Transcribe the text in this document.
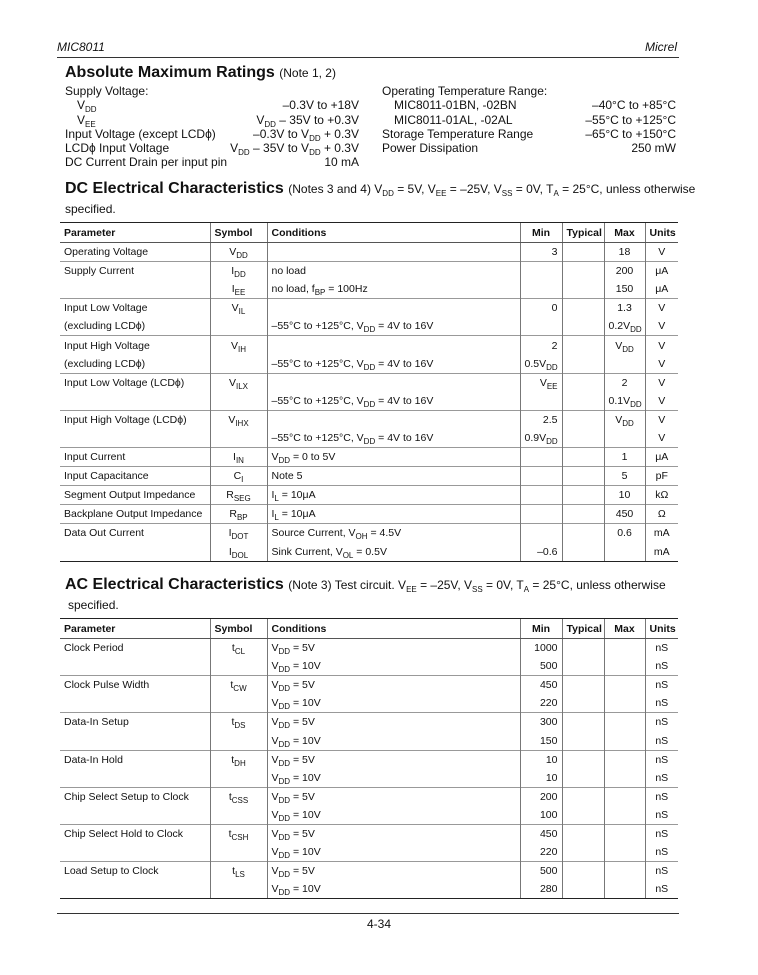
MIC8011	Micrel
Absolute Maximum Ratings (Note 1, 2)
Supply Voltage:
$V_{DD}$	–0.3V to +18V
$V_{EE}$	$V_{DD} - 35V$ to +0.3V
Input Voltage (except LCDϕ)	–0.3V to $V_{DD} + 0.3V$
LCDϕ Input Voltage	$V_{DD} - 35V$ to $V_{DD} + 0.3V$
DC Current Drain per input pin	10 mA
Operating Temperature Range:
MIC8011-01BN, -02BN	–40°C to +85°C
MIC8011-01AL, -02AL	–55°C to +125°C
Storage Temperature Range	–65°C to +150°C
Power Dissipation	250 mW
DC Electrical Characteristics (Notes 3 and 4) $V_{DD} = 5V$, $V_{EE} = -25V$, $V_{SS} = 0V$, $T_A = 25^\circ C$, unless otherwise
specified.
Parameter	Symbol	Conditions	Min	Typical	Max	Units
Operating Voltage	$V_{DD}$		3		18	V
Supply Current	$I_{DD}$	no load			200	μA
	$I_{EE}$	no load, $f_{BP} = 100Hz$			150	μA
Input Low Voltage	$V_{IL}$		0		1.3	V
(excluding LCDϕ)		–55°C to +125°C, $V_{DD} = 4V$ to 16V			$0.2V_{DD}$	V
Input High Voltage	$V_{IH}$		2		$V_{DD}$	V
(excluding LCDϕ)		–55°C to +125°C, $V_{DD} = 4V$ to 16V	$0.5V_{DD}$			V
Input Low Voltage (LCDϕ)	$V_{ILX}$		$V_{EE}$		2	V
		–55°C to +125°C, $V_{DD} = 4V$ to 16V			$0.1V_{DD}$	V
Input High Voltage (LCDϕ)	$V_{IHX}$		2.5		$V_{DD}$	V
		–55°C to +125°C, $V_{DD} = 4V$ to 16V	$0.9V_{DD}$			V
Input Current	$I_{IN}$	$V_{DD} = 0$ to 5V			1	μA
Input Capacitance	$C_I$	Note 5			5	pF
Segment Output Impedance	$R_{SEG}$	$I_L = 10\mu A$			10	kΩ
Backplane Output Impedance	$R_{BP}$	$I_L = 10\mu A$			450	Ω
Data Out Current	$I_{DOT}$	Source Current, $V_{OH} = 4.5V$			0.6	mA
	$I_{DOL}$	Sink Current, $V_{OL} = 0.5V$	–0.6			mA
AC Electrical Characteristics (Note 3) Test circuit. $V_{EE} = -25V$, $V_{SS} = 0V$, $T_A = 25^\circ C$, unless otherwise
specified.
Parameter	Symbol	Conditions	Min	Typical	Max	Units
Clock Period	$t_{CL}$	$V_{DD} = 5V$	1000			nS
		$V_{DD} = 10V$	500			nS
Clock Pulse Width	$t_{CW}$	$V_{DD} = 5V$	450			nS
		$V_{DD} = 10V$	220			nS
Data-In Setup	$t_{DS}$	$V_{DD} = 5V$	300			nS
		$V_{DD} = 10V$	150			nS
Data-In Hold	$t_{DH}$	$V_{DD} = 5V$	10			nS
		$V_{DD} = 10V$	10			nS
Chip Select Setup to Clock	$t_{CSS}$	$V_{DD} = 5V$	200			nS
		$V_{DD} = 10V$	100			nS
Chip Select Hold to Clock	$t_{CSH}$	$V_{DD} = 5V$	450			nS
		$V_{DD} = 10V$	220			nS
Load Setup to Clock	$t_{LS}$	$V_{DD} = 5V$	500			nS
		$V_{DD} = 10V$	280			nS
4-34
